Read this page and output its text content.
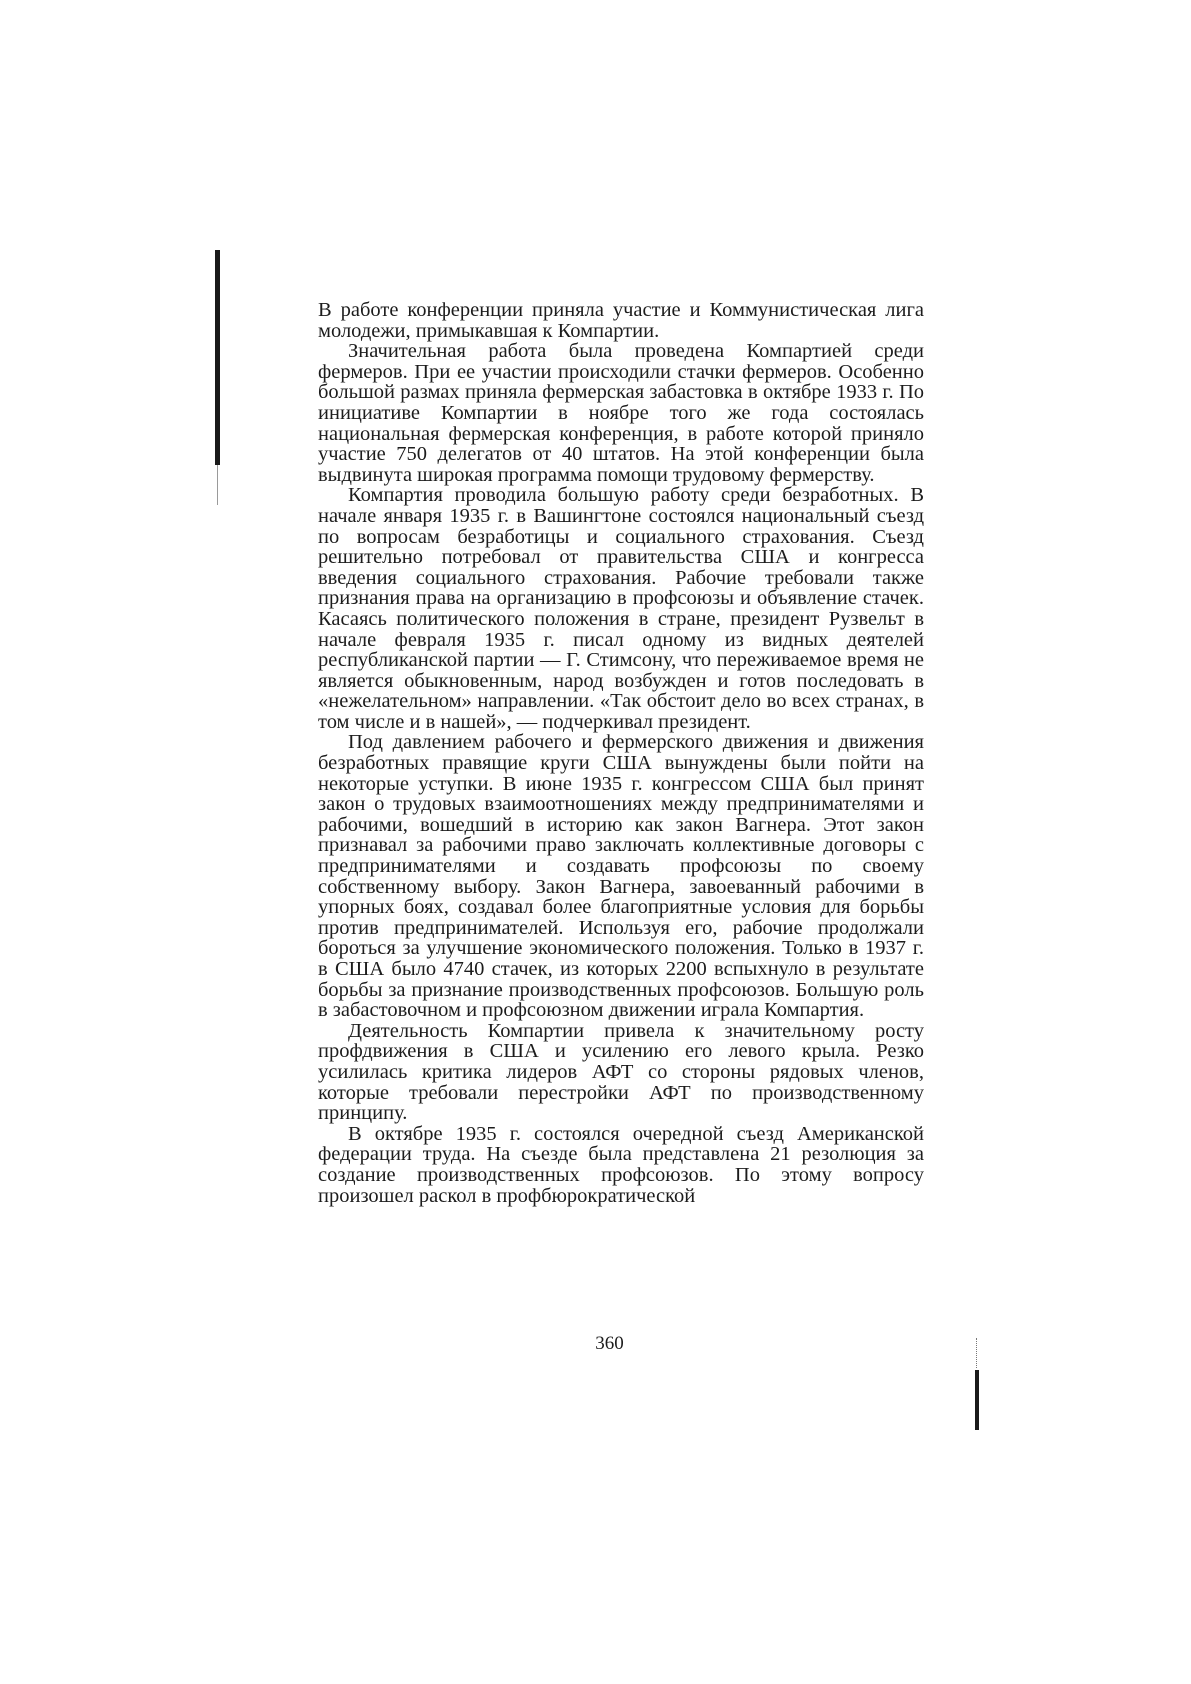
В работе конференции приняла участие и Коммунистическая лига молодежи, примыкавшая к Компартии.

Значительная работа была проведена Компартией среди фермеров. При ее участии происходили стачки фермеров. Особенно большой размах приняла фермерская забастовка в октябре 1933 г. По инициативе Компартии в ноябре того же года состоялась национальная фермерская конференция, в работе которой приняло участие 750 делегатов от 40 штатов. На этой конференции была выдвинута широкая программа помощи трудовому фермерству.

Компартия проводила большую работу среди безработных. В начале января 1935 г. в Вашингтоне состоялся национальный съезд по вопросам безработицы и социального страхования. Съезд решительно потребовал от правительства США и конгресса введения социального страхования. Рабочие требовали также признания права на организацию в профсоюзы и объявление стачек. Касаясь политического положения в стране, президент Рузвельт в начале февраля 1935 г. писал одному из видных деятелей республиканской партии — Г. Стимсону, что переживаемое время не является обыкновенным, народ возбужден и готов последовать в «нежелательном» направлении. «Так обстоит дело во всех странах, в том числе и в нашей», — подчеркивал президент.

Под давлением рабочего и фермерского движения и движения безработных правящие круги США вынуждены были пойти на некоторые уступки. В июне 1935 г. конгрессом США был принят закон о трудовых взаимоотношениях между предпринимателями и рабочими, вошедший в историю как закон Вагнера. Этот закон признавал за рабочими право заключать коллективные договоры с предпринимателями и создавать профсоюзы по своему собственному выбору. Закон Вагнера, завоеванный рабочими в упорных боях, создавал более благоприятные условия для борьбы против предпринимателей. Используя его, рабочие продолжали бороться за улучшение экономического положения. Только в 1937 г. в США было 4740 стачек, из которых 2200 вспыхнуло в результате борьбы за признание производственных профсоюзов. Большую роль в забастовочном и профсоюзном движении играла Компартия.

Деятельность Компартии привела к значительному росту профдвижения в США и усилению его левого крыла. Резко усилилась критика лидеров АФТ со стороны рядовых членов, которые требовали перестройки АФТ по производственному принципу.

В октябре 1935 г. состоялся очередной съезд Американской федерации труда. На съезде была представлена 21 резолюция за создание производственных профсоюзов. По этому вопросу произошел раскол в профбюрократической

360
